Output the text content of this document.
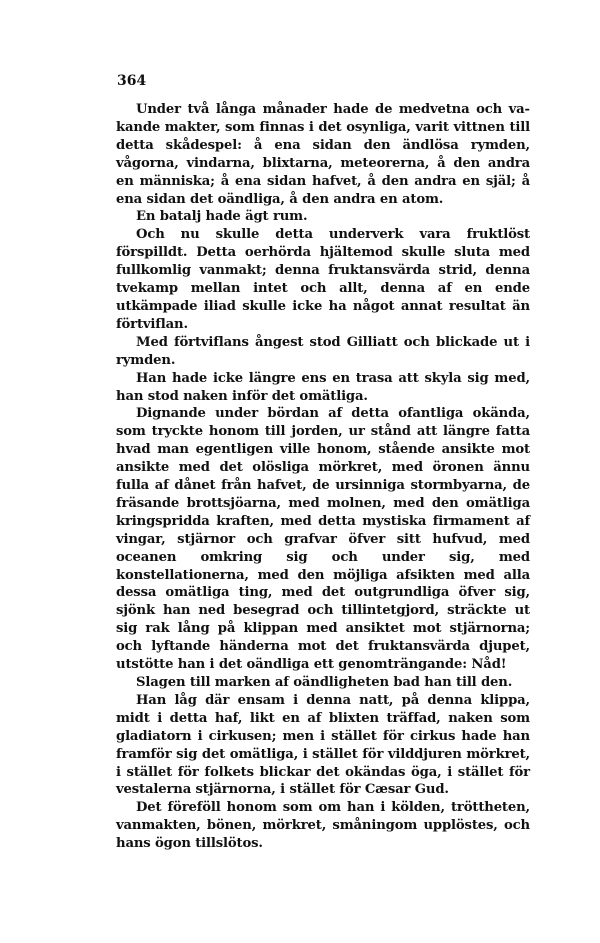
364

Under två långa månader hade de medvetna och vakande makter, som finnas i det osynliga, varit vittnen till detta skådespel: å ena sidan den ändlösa rymden, vågorna, vindarna, blixtarna, meteorerna, å den andra en människa; å ena sidan hafvet, å den andra en själ; å ena sidan det oändliga, å den andra en atom.

En batalj hade ägt rum.

Och nu skulle detta underverk vara fruktlöst förspilldt. Detta oerhörda hjältemod skulle sluta med fullkomlig vanmakt; denna fruktansvärda strid, denna tvekamp mellan intet och allt, denna af en ende utkämpade iliad skulle icke ha något annat resultat än förtviflan.

Med förtviflans ångest stod Gilliatt och blickade ut i rymden.

Han hade icke längre ens en trasa att skyla sig med, han stod naken inför det omätliga.

Dignande under bördan af detta ofantliga okända, som tryckte honom till jorden, ur stånd att längre fatta hvad man egentligen ville honom, stående ansikte mot ansikte med det olösliga mörkret, med öronen ännu fulla af dånet från hafvet, de ursinniga stormbyarna, de fräsande brottsjöarna, med molnen, med den omätliga kringspridda kraften, med detta mystiska firmament af vingar, stjärnor och grafvar öfver sitt hufvud, med oceanen omkring sig och under sig, med konstellationerna, med den möjliga afsikten med alla dessa omätliga ting, med det outgrundliga öfver sig, sjönk han ned besegrad och tillintetgjord, sträckte ut sig rak lång på klippan med ansiktet mot stjärnorna; och lyftande händerna mot det fruktansvärda djupet, utstötte han i det oändliga ett genomträngande: Nåd!

Slagen till marken af oändligheten bad han till den.

Han låg där ensam i denna natt, på denna klippa, midt i detta haf, likt en af blixten träffad, naken som gladiatorn i cirkusen; men i stället för cirkus hade han framför sig det omätliga, i stället för vilddjuren mörkret, i stället för folkets blickar det okändas öga, i stället för vestalerna stjärnorna, i stället för Cæsar Gud.

Det föreföll honom som om han i kölden, tröttheten, vanmakten, bönen, mörkret, småningom upplöstes, och hans ögon tillslötos.
